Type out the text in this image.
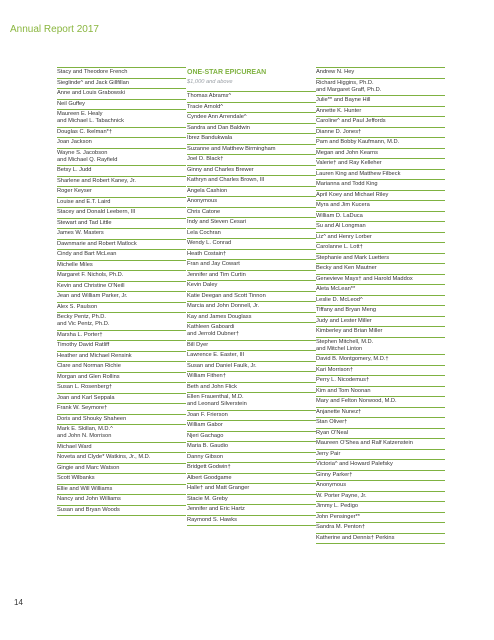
Annual Report 2017
Stacy and Theodore French
Sieglinde^ and Jack Gillfillan
Anne and Louis Grabowski
Neil Guffey
Maureen E. Healy
and Michael L. Tabachnick
Douglas C. Ikelman*†
Joan Jackson
Wayne S. Jacobson
and Michael Q. Rayfield
Betsy L. Judd
Sharlene and Robert Kaney, Jr.
Roger Keyser
Louise and E.T. Laird
Stacey and Donald Leebern, III
Stewart and Tad Little
James W. Masters
Dawnmarie and Robert Matlock
Cindy and Bart McLean
Michelle Miles
Margaret F. Nichols, Ph.D.
Kevin and Christine O'Neill
Jean and William Parker, Jr.
Alex S. Paulson
Becky Pentz, Ph.D.
and Vic Pentz, Ph.D.
Marsha L. Porter†
Timothy David Ratliff
Heather and Michael Rensink
Clare and Norman Richie
Morgan and Glen Rollins
Susan L. Rosenberg†
Joan and Karl Seppala
Frank W. Seymore†
Doris and Shouky Shaheen
Mark E. Skillan, M.D.^
and John N. Morrison
Michael Ward
Noveta and Clyde* Watkins, Jr., M.D.
Gingie and Marc Watson
Scott Wilbanks
Ellie and Will Williams
Nancy and John Williams
Susan and Bryan Woods
ONE-STAR EPICUREAN
$1,000 and above
Thomas Abrams^
Tracie Arnold^
Cyndee Ann Arrendale^
Sandra and Dan Baldwin
Ibrez Bandukwala
Suzanne and Matthew Birmingham
Joel D. Black†
Ginny and Charles Brewer
Kathryn and Charles Brown, III
Angela Cashion
Anonymous
Chris Catone
Indy and Steven Cesari
Lela Cochran
Wendy L. Conrad
Heath Costain†
Fran and Jay Cowart
Jennifer and Tim Curtin
Kevin Daley
Katie Deegan and Scott Tinnon
Marcia and John Donnell, Jr.
Kay and James Douglass
Kathleen Gaboardi
and Jerrold Dubner†
Bill Dyer
Lawrence E. Easter, III
Susan and Daniel Faulk, Jr.
William Fithen†
Beth and John Flick
Ellen Frauenthal, M.D.
and Leonard Silverstein
Joan F. Frierson
William Gabor
Njeri Gachago
Maria B. Gaudio
Danny Gibson
Bridgett Godwin†
Albert Goodgame
Halle† and Matt Granger
Stacie M. Greby
Jennifer and Eric Hartz
Raymond S. Hawks
Andrew N. Hey
Richard Higgins, Ph.D.
and Margaret Graff, Ph.D.
Julie** and Bayne Hill
Annette K. Hunter
Caroline^ and Paul Jeffords
Dianne D. Jones†
Pam and Bobby Kaufmann, M.D.
Megan and John Kearns
Valerie† and Ray Kelleher
Lauren King and Matthew Filbeck
Marianna and Todd King
April Koey and Michael Riley
Myra and Jim Kucera
William D. LaDuca
Su and Al Longman
Liz^ and Henry Lorber
Carolanne L. Lott†
Stephanie and Mark Luetters
Becky and Ken Mautner
Genevieve Mays† and Harold Maddox
Aleta McLean**
Leslie D. McLeod^
Tiffany and Bryan Meng
Judy and Lester Miller
Kimberley and Brian Miller
Stephen Mitchell, M.D.
and Mitchel Linton
David B. Montgomery, M.D.†
Kari Morrison†
Perry L. Nicodemus†
Kim and Tom Noonan
Mary and Felton Norwood, M.D.
Anjanette Nunez†
Stan Oliver†
Ryan O'Neal
Maureen O'Shea and Ralf Katzenstein
Jerry Pair
Victoria^ and Howard Palefsky
Ginny Parker†
Anonymous
W. Porter Payne, Jr.
Jimmy L. Pedigo
John Pensinger**
Sandra M. Penton†
Katherine and Dennis† Perkins
14
